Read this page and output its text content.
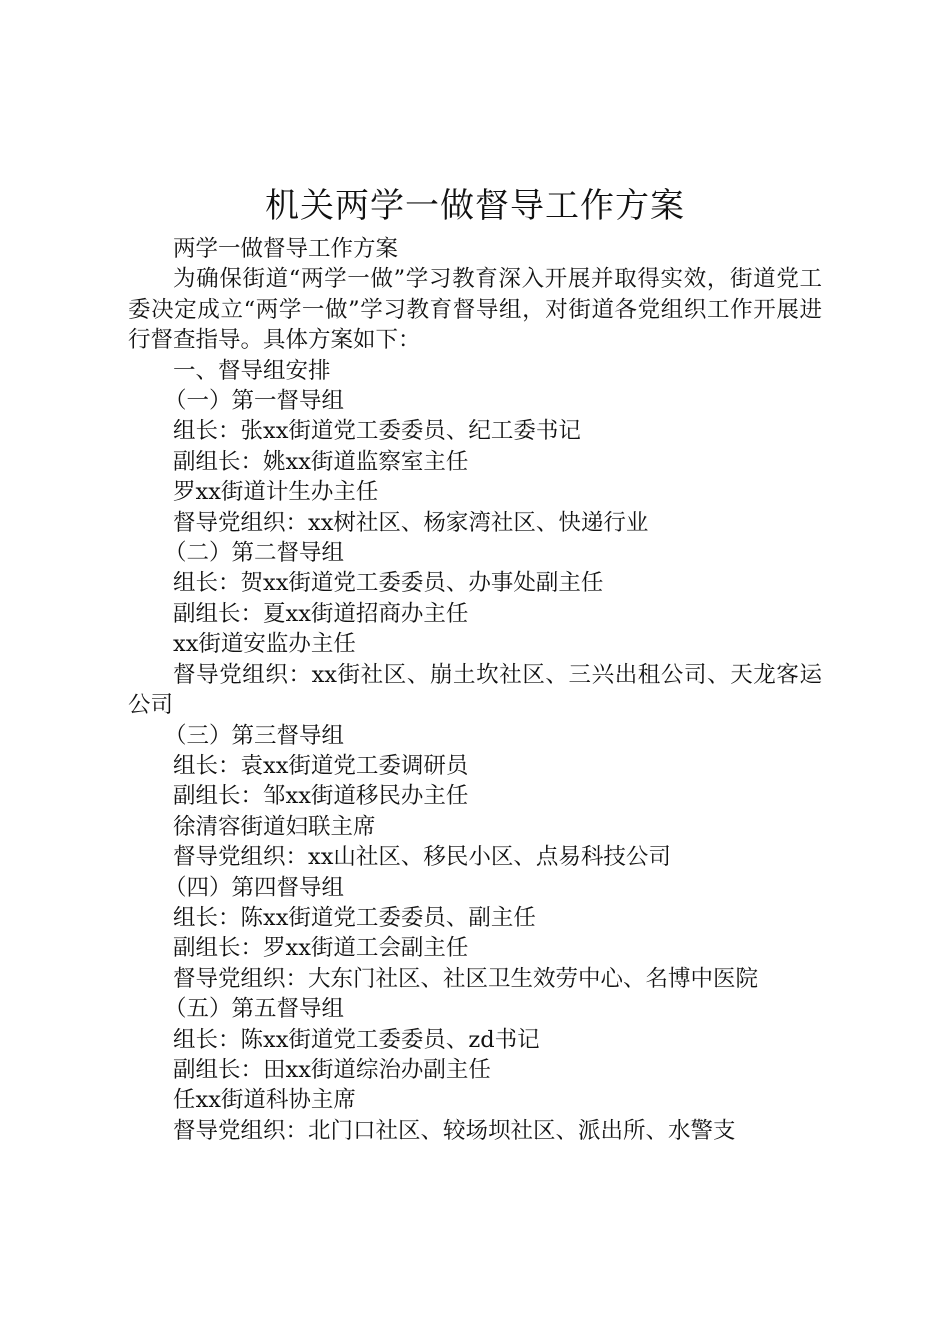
机关两学一做督导工作方案

两学一做督导工作方案

为确保街道“两学一做”学习教育深入开展并取得实效，街道党工委决定成立“两学一做”学习教育督导组，对街道各党组织工作开展进行督查指导。具体方案如下：

一、督导组安排

（一）第一督导组

组长：张xx街道党工委委员、纪工委书记

副组长：姚xx街道监察室主任

罗xx街道计生办主任

督导党组织：xx树社区、杨家湾社区、快递行业

（二）第二督导组

组长：贺xx街道党工委委员、办事处副主任

副组长：夏xx街道招商办主任

xx街道安监办主任

督导党组织：xx街社区、崩土坎社区、三兴出租公司、天龙客运公司

（三）第三督导组

组长：袁xx街道党工委调研员

副组长：邹xx街道移民办主任

徐清容街道妇联主席

督导党组织：xx山社区、移民小区、点易科技公司

（四）第四督导组

组长：陈xx街道党工委委员、副主任

副组长：罗xx街道工会副主任

督导党组织：大东门社区、社区卫生效劳中心、名博中医院

（五）第五督导组

组长：陈xx街道党工委委员、zd书记

副组长：田xx街道综治办副主任

任xx街道科协主席

督导党组织：北门口社区、较场坝社区、派出所、水警支
